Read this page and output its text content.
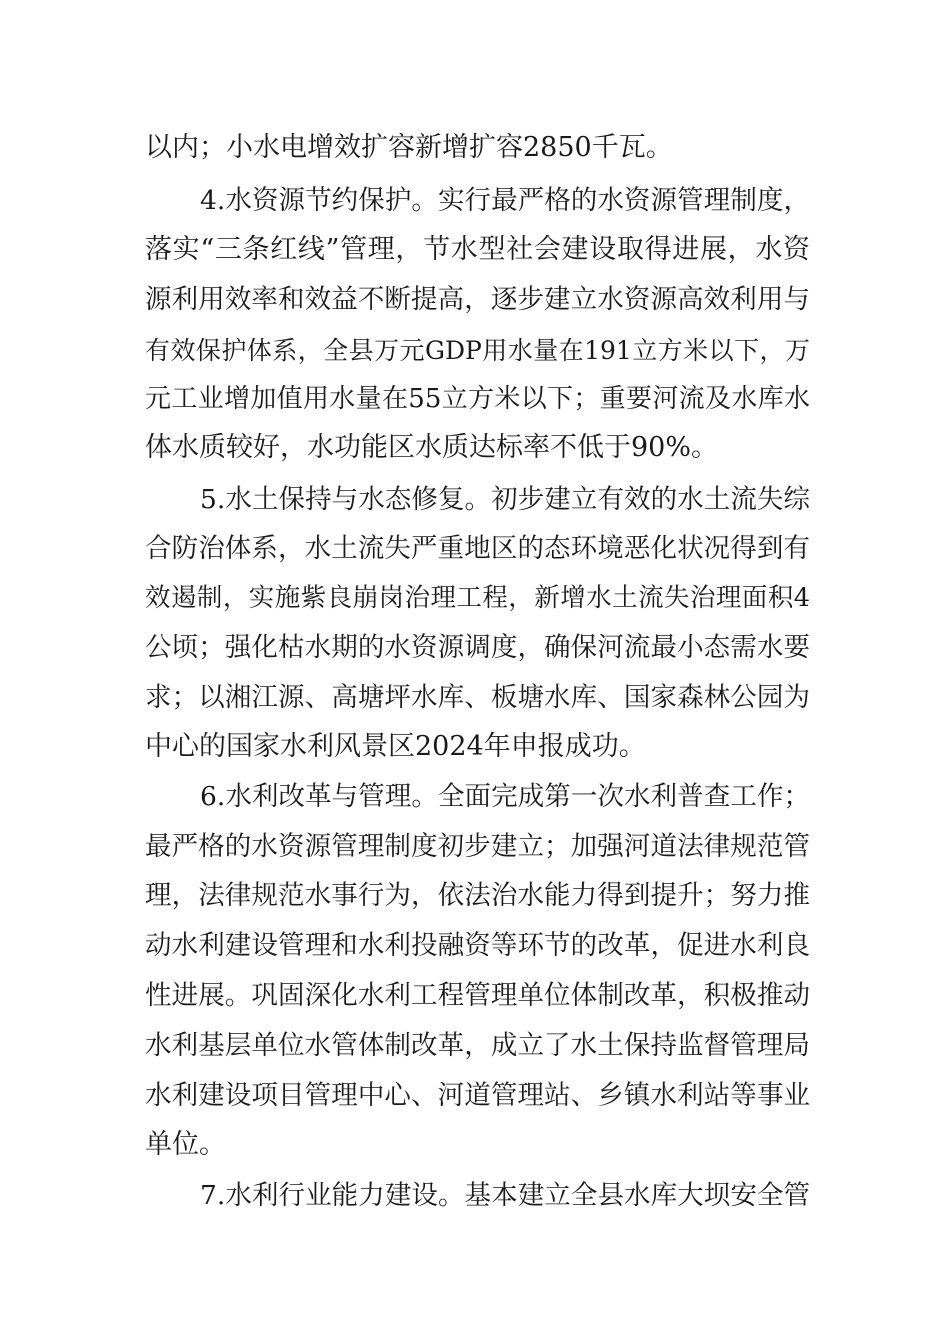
以内；小水电增效扩容新增扩容2850千瓦。
4.水资源节约保护。实行最严格的水资源管理制度，
落实“三条红线”管理，节水型社会建设取得进展，水资
源利用效率和效益不断提高，逐步建立水资源高效利用与
有效保护体系，全县万元GDP用水量在191立方米以下，万
元工业增加值用水量在55立方米以下；重要河流及水库水
体水质较好，水功能区水质达标率不低于90%。
5.水土保持与水态修复。初步建立有效的水土流失综
合防治体系，水土流失严重地区的态环境恶化状况得到有
效遏制，实施紫良崩岗治理工程，新增水土流失治理面积4
公顷；强化枯水期的水资源调度，确保河流最小态需水要
求；以湘江源、高塘坪水库、板塘水库、国家森林公园为
中心的国家水利风景区2024年申报成功。
6.水利改革与管理。全面完成第一次水利普查工作；
最严格的水资源管理制度初步建立；加强河道法律规范管
理，法律规范水事行为，依法治水能力得到提升；努力推
动水利建设管理和水利投融资等环节的改革，促进水利良
性进展。巩固深化水利工程管理单位体制改革，积极推动
水利基层单位水管体制改革，成立了水土保持监督管理局
水利建设项目管理中心、河道管理站、乡镇水利站等事业
单位。
7.水利行业能力建设。基本建立全县水库大坝安全管
